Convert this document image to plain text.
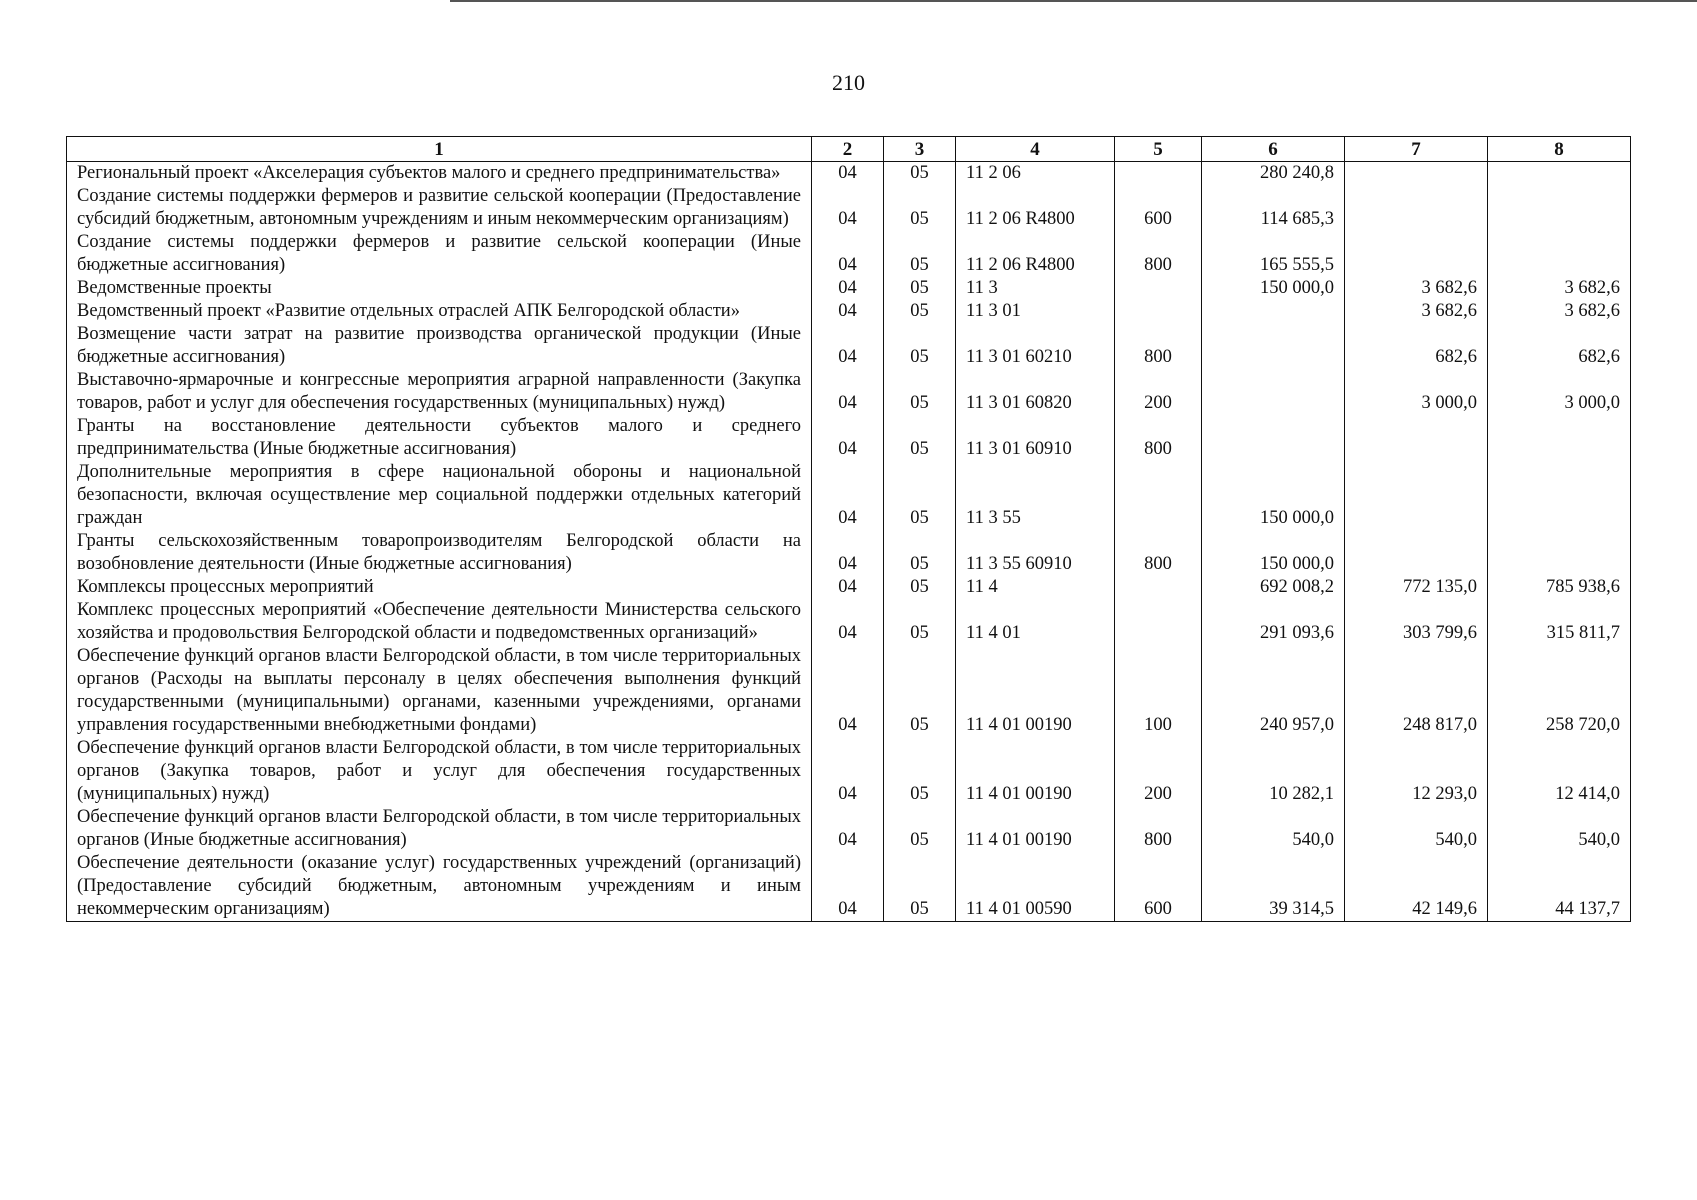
210
1	2	3	4	5	6	7	8
Региональный проект «Акселерация субъектов малого и среднего предпринимательства»	04	05	11 2 06		280 240,8		
Создание системы поддержки фермеров и развитие сельской кооперации (Предоставление субсидий бюджетным, автономным учреждениям и иным некоммерческим организациям)	04	05	11 2 06 R4800	600	114 685,3		
Создание системы поддержки фермеров и развитие сельской кооперации (Иные бюджетные ассигнования)	04	05	11 2 06 R4800	800	165 555,5		
Ведомственные проекты	04	05	11 3		150 000,0	3 682,6	3 682,6
Ведомственный проект «Развитие отдельных отраслей АПК Белгородской области»	04	05	11 3 01			3 682,6	3 682,6
Возмещение части затрат на развитие производства органической продукции (Иные бюджетные ассигнования)	04	05	11 3 01 60210	800		682,6	682,6
Выставочно-ярмарочные и конгрессные мероприятия аграрной направленности (Закупка товаров, работ и услуг для обеспечения государственных (муниципальных) нужд)	04	05	11 3 01 60820	200		3 000,0	3 000,0
Гранты на восстановление деятельности субъектов малого и среднего предпринимательства (Иные бюджетные ассигнования)	04	05	11 3 01 60910	800			
Дополнительные мероприятия в сфере национальной обороны и национальной безопасности, включая осуществление мер социальной поддержки отдельных категорий граждан	04	05	11 3 55		150 000,0		
Гранты сельскохозяйственным товаропроизводителям Белгородской области на возобновление деятельности (Иные бюджетные ассигнования)	04	05	11 3 55 60910	800	150 000,0		
Комплексы процессных мероприятий	04	05	11 4		692 008,2	772 135,0	785 938,6
Комплекс процессных мероприятий «Обеспечение деятельности Министерства сельского хозяйства и продовольствия Белгородской области и подведомственных организаций»	04	05	11 4 01		291 093,6	303 799,6	315 811,7
Обеспечение функций органов власти Белгородской области, в том числе территориальных органов (Расходы на выплаты персоналу в целях обеспечения выполнения функций государственными (муниципальными) органами, казенными учреждениями, органами управления государственными внебюджетными фондами)	04	05	11 4 01 00190	100	240 957,0	248 817,0	258 720,0
Обеспечение функций органов власти Белгородской области, в том числе территориальных органов (Закупка товаров, работ и услуг для обеспечения государственных (муниципальных) нужд)	04	05	11 4 01 00190	200	10 282,1	12 293,0	12 414,0
Обеспечение функций органов власти Белгородской области, в том числе территориальных органов (Иные бюджетные ассигнования)	04	05	11 4 01 00190	800	540,0	540,0	540,0
Обеспечение деятельности (оказание услуг) государственных учреждений (организаций) (Предоставление субсидий бюджетным, автономным учреждениям и иным некоммерческим организациям)	04	05	11 4 01 00590	600	39 314,5	42 149,6	44 137,7
